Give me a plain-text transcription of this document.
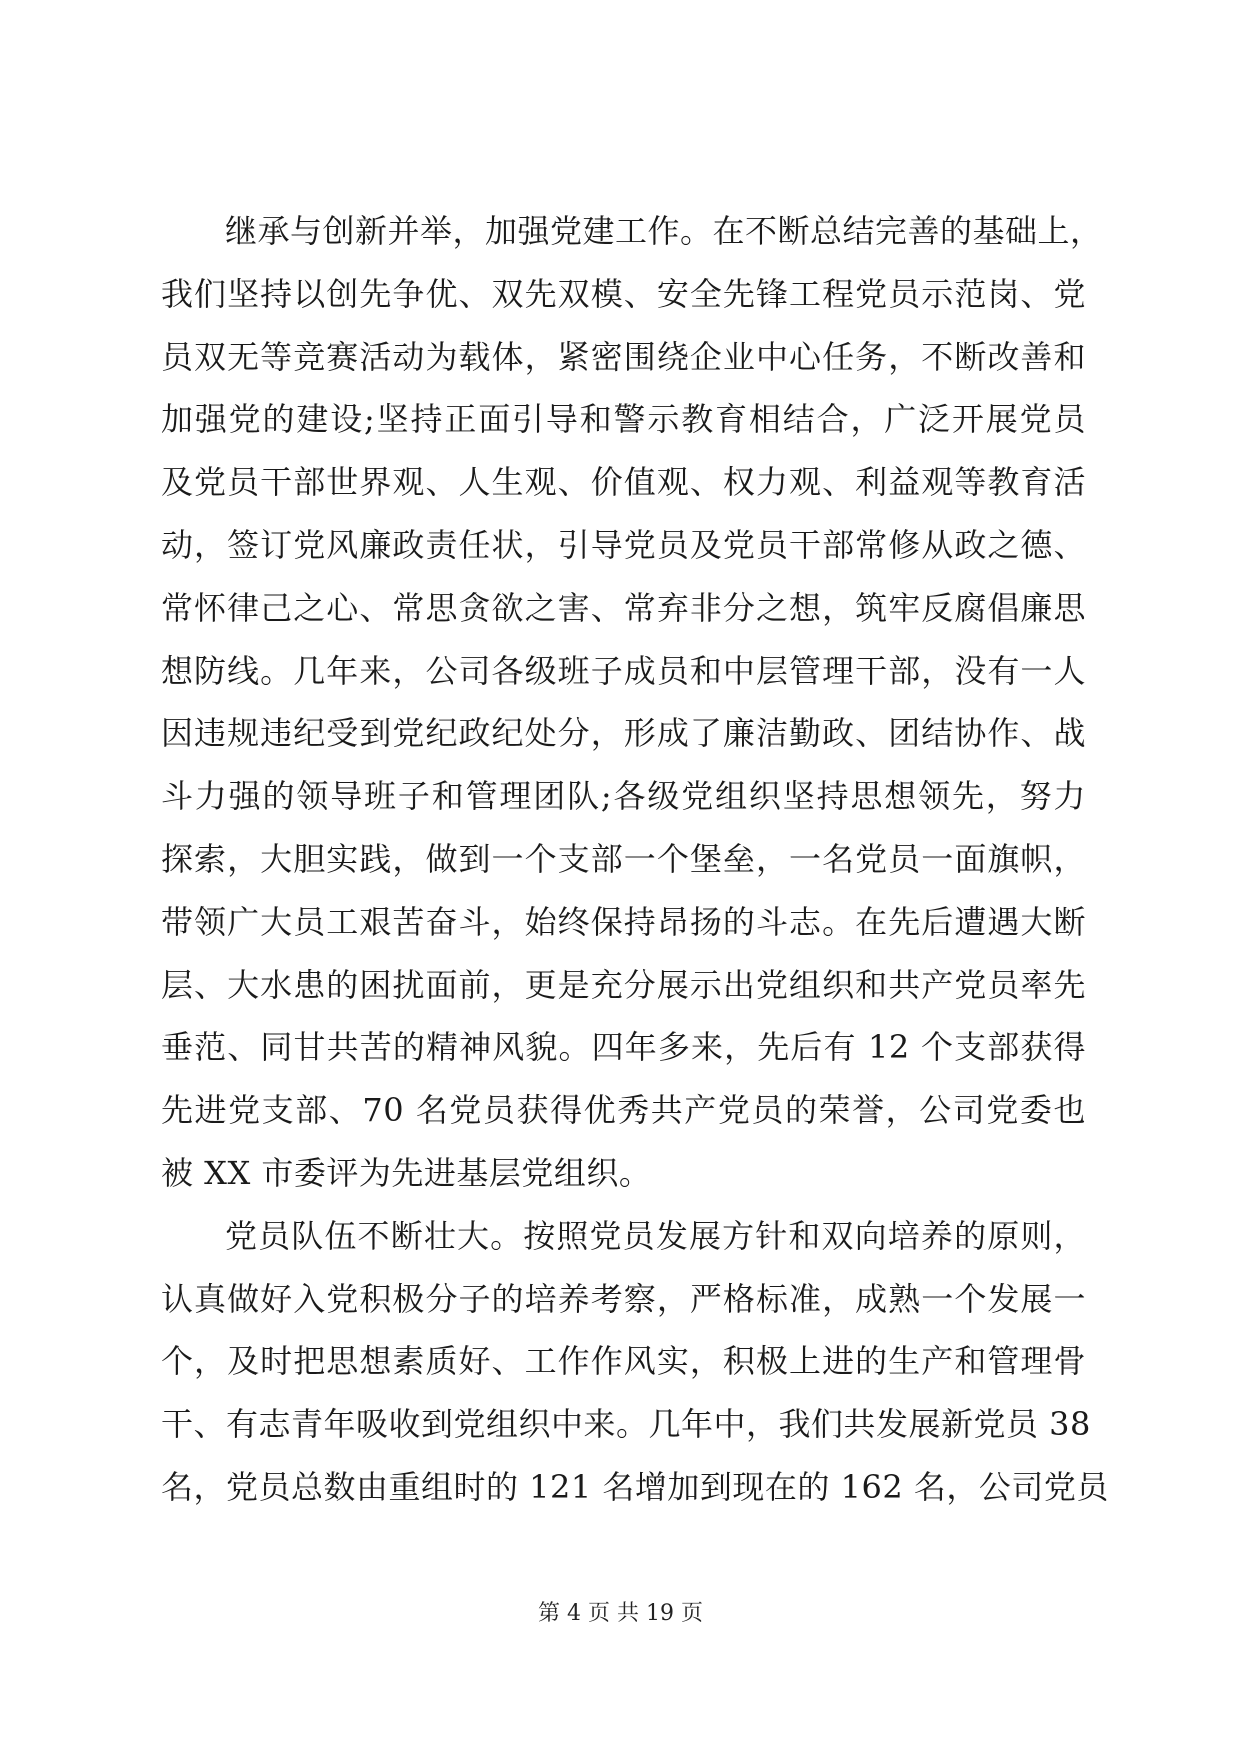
继承与创新并举，加强党建工作。在不断总结完善的基础上，
我们坚持以创先争优、双先双模、安全先锋工程党员示范岗、党
员双无等竞赛活动为载体，紧密围绕企业中心任务，不断改善和
加强党的建设;坚持正面引导和警示教育相结合，广泛开展党员
及党员干部世界观、人生观、价值观、权力观、利益观等教育活
动，签订党风廉政责任状，引导党员及党员干部常修从政之德、
常怀律己之心、常思贪欲之害、常弃非分之想，筑牢反腐倡廉思
想防线。几年来，公司各级班子成员和中层管理干部，没有一人
因违规违纪受到党纪政纪处分，形成了廉洁勤政、团结协作、战
斗力强的领导班子和管理团队;各级党组织坚持思想领先，努力
探索，大胆实践，做到一个支部一个堡垒，一名党员一面旗帜，
带领广大员工艰苦奋斗，始终保持昂扬的斗志。在先后遭遇大断
层、大水患的困扰面前，更是充分展示出党组织和共产党员率先
垂范、同甘共苦的精神风貌。四年多来，先后有 12 个支部获得
先进党支部、70 名党员获得优秀共产党员的荣誉，公司党委也
被 XX 市委评为先进基层党组织。

党员队伍不断壮大。按照党员发展方针和双向培养的原则，
认真做好入党积极分子的培养考察，严格标准，成熟一个发展一
个，及时把思想素质好、工作作风实，积极上进的生产和管理骨
干、有志青年吸收到党组织中来。几年中，我们共发展新党员 38
名，党员总数由重组时的 121 名增加到现在的 162 名，公司党员

第 4 页 共 19 页
